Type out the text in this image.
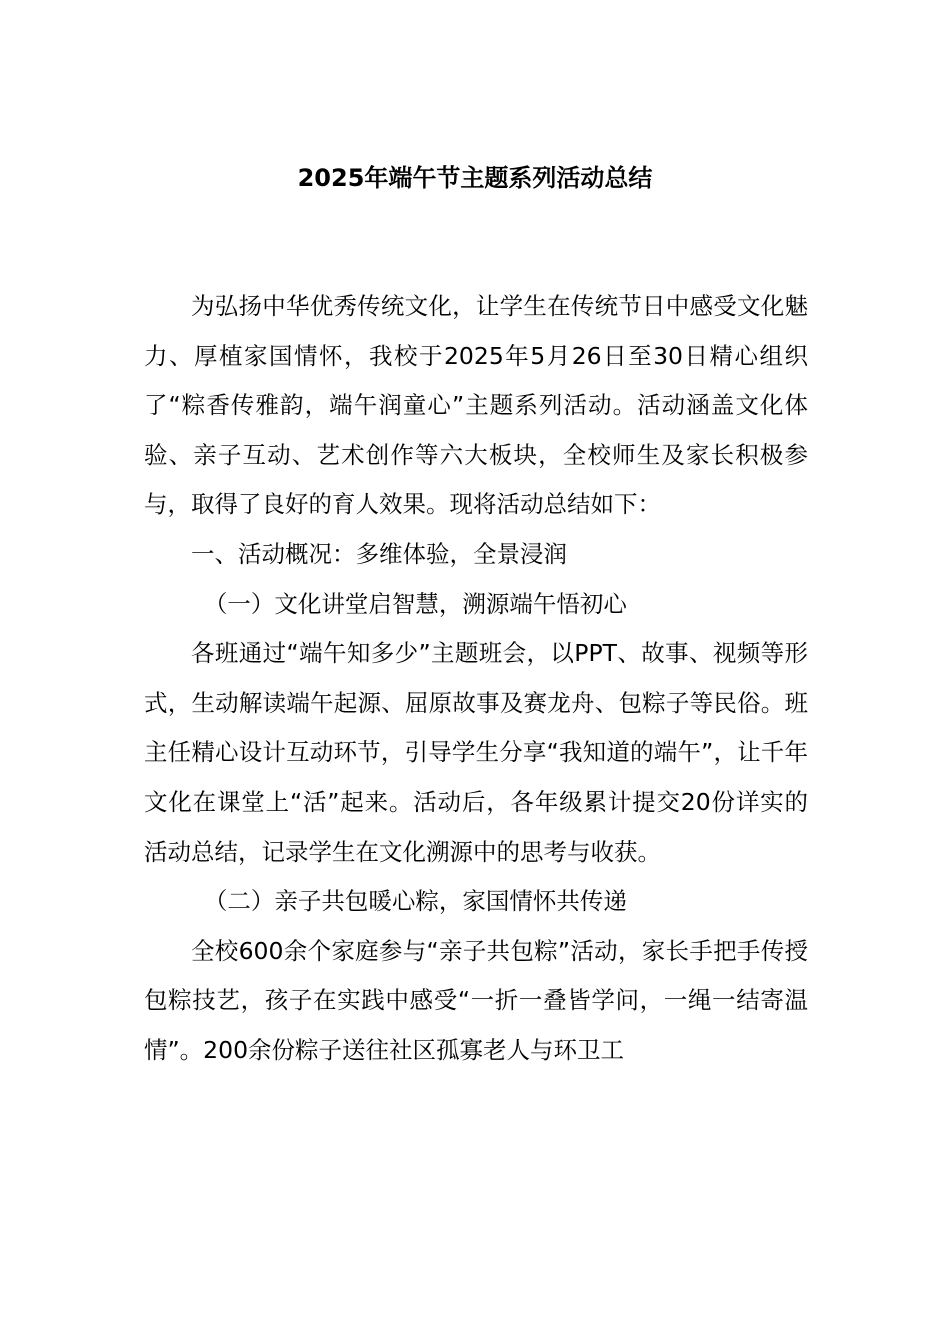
2025年端午节主题系列活动总结

为弘扬中华优秀传统文化，让学生在传统节日中感受文化魅力、厚植家国情怀，我校于2025年5月26日至30日精心组织了“粽香传雅韵，端午润童心”主题系列活动。活动涵盖文化体验、亲子互动、艺术创作等六大板块，全校师生及家长积极参与，取得了良好的育人效果。现将活动总结如下：

一、活动概况：多维体验，全景浸润

（一）文化讲堂启智慧，溯源端午悟初心

各班通过“端午知多少”主题班会，以PPT、故事、视频等形式，生动解读端午起源、屈原故事及赛龙舟、包粽子等民俗。班主任精心设计互动环节，引导学生分享“我知道的端午”，让千年文化在课堂上“活”起来。活动后，各年级累计提交20份详实的活动总结，记录学生在文化溯源中的思考与收获。

（二）亲子共包暖心粽，家国情怀共传递

全校600余个家庭参与“亲子共包粽”活动，家长手把手传授包粽技艺，孩子在实践中感受“一折一叠皆学问，一绳一结寄温情”。200余份粽子送往社区孤寡老人与环卫工
